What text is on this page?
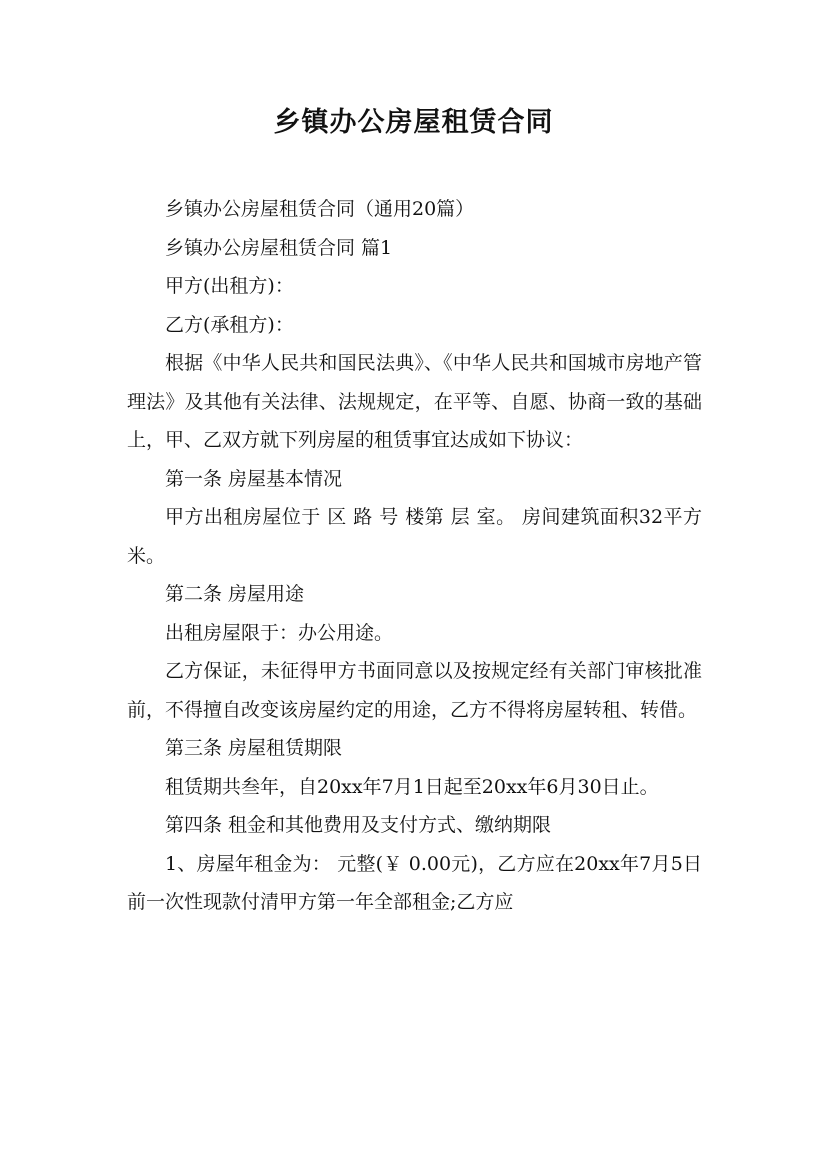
乡镇办公房屋租赁合同

乡镇办公房屋租赁合同（通用20篇）

乡镇办公房屋租赁合同 篇1

甲方(出租方)：

乙方(承租方)：

根据《中华人民共和国民法典》、《中华人民共和国城市房地产管理法》及其他有关法律、法规规定，在平等、自愿、协商一致的基础上，甲、乙双方就下列房屋的租赁事宜达成如下协议：

第一条 房屋基本情况

甲方出租房屋位于 区 路 号 楼第 层 室。 房间建筑面积32平方米。

第二条 房屋用途

出租房屋限于：办公用途。

乙方保证，未征得甲方书面同意以及按规定经有关部门审核批准前，不得擅自改变该房屋约定的用途，乙方不得将房屋转租、转借。

第三条 房屋租赁期限

租赁期共叁年，自20xx年7月1日起至20xx年6月30日止。

第四条 租金和其他费用及支付方式、缴纳期限

1、房屋年租金为： 元整(￥ 0.00元)，乙方应在20xx年7月5日前一次性现款付清甲方第一年全部租金;乙方应
